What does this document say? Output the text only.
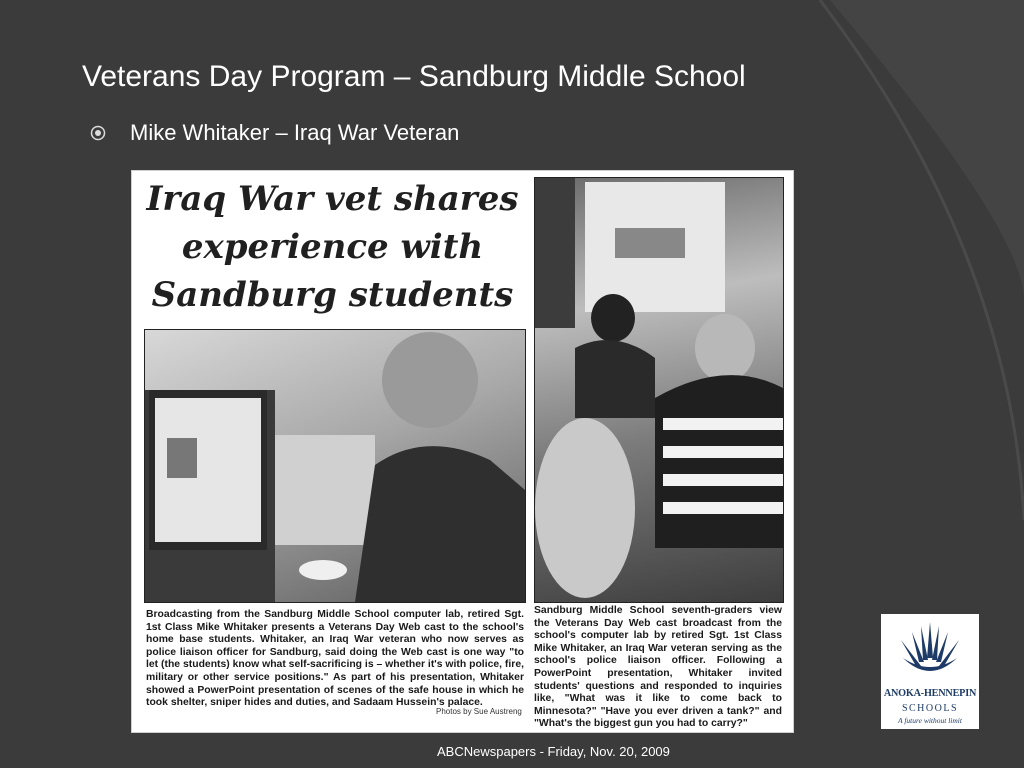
Veterans Day Program – Sandburg Middle School
Mike Whitaker – Iraq War Veteran
Iraq War vet shares
experience with
Sandburg students
Broadcasting from the Sandburg Middle School computer lab, retired Sgt. 1st Class Mike Whitaker presents a Veterans Day Web cast to the school's home base students. Whitaker, an Iraq War veteran who now serves as police liaison officer for Sandburg, said doing the Web cast is one way "to let (the students) know what self-sacrificing is – whether it's with police, fire, military or other service positions." As part of his presentation, Whitaker showed a PowerPoint presentation of scenes of the safe house in which he took shelter, sniper hides and duties, and Sadaam Hussein's palace.
Photos by Sue Austreng
Sandburg Middle School seventh-graders view the Veterans Day Web cast broadcast from the school's computer lab by retired Sgt. 1st Class Mike Whitaker, an Iraq War veteran serving as the school's police liaison officer. Following a PowerPoint presentation, Whitaker invited students' questions and responded to inquiries like, "What was it like to come back to Minnesota?" "Have you ever driven a tank?" and "What's the biggest gun you had to carry?"
ANOKA-HENNEPIN
SCHOOLS
A future without limit
ABCNewspapers - Friday, Nov. 20, 2009
